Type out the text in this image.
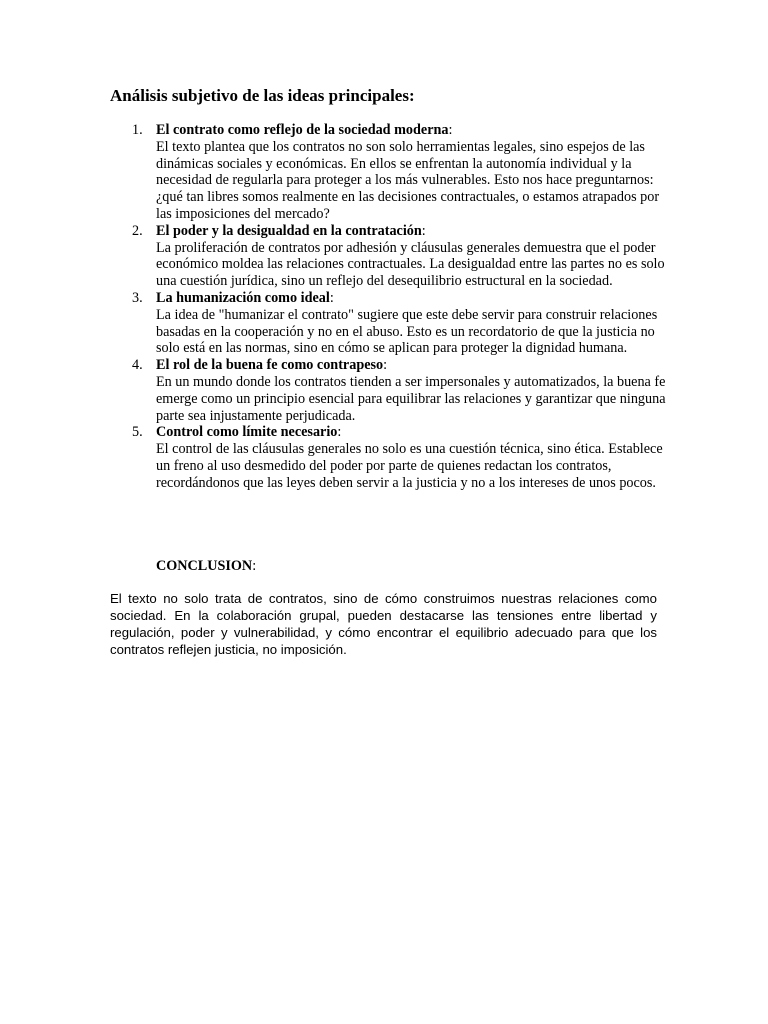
Análisis subjetivo de las ideas principales:
1. El contrato como reflejo de la sociedad moderna:
El texto plantea que los contratos no son solo herramientas legales, sino espejos de las dinámicas sociales y económicas. En ellos se enfrentan la autonomía individual y la necesidad de regularla para proteger a los más vulnerables. Esto nos hace preguntarnos: ¿qué tan libres somos realmente en las decisiones contractuales, o estamos atrapados por las imposiciones del mercado?
2. El poder y la desigualdad en la contratación:
La proliferación de contratos por adhesión y cláusulas generales demuestra que el poder económico moldea las relaciones contractuales. La desigualdad entre las partes no es solo una cuestión jurídica, sino un reflejo del desequilibrio estructural en la sociedad.
3. La humanización como ideal:
La idea de "humanizar el contrato" sugiere que este debe servir para construir relaciones basadas en la cooperación y no en el abuso. Esto es un recordatorio de que la justicia no solo está en las normas, sino en cómo se aplican para proteger la dignidad humana.
4. El rol de la buena fe como contrapeso:
En un mundo donde los contratos tienden a ser impersonales y automatizados, la buena fe emerge como un principio esencial para equilibrar las relaciones y garantizar que ninguna parte sea injustamente perjudicada.
5. Control como límite necesario:
El control de las cláusulas generales no solo es una cuestión técnica, sino ética. Establece un freno al uso desmedido del poder por parte de quienes redactan los contratos, recordándonos que las leyes deben servir a la justicia y no a los intereses de unos pocos.
CONCLUSION:

El texto no solo trata de contratos, sino de cómo construimos nuestras relaciones como sociedad. En la colaboración grupal, pueden destacarse las tensiones entre libertad y regulación, poder y vulnerabilidad, y cómo encontrar el equilibrio adecuado para que los contratos reflejen justicia, no imposición.
